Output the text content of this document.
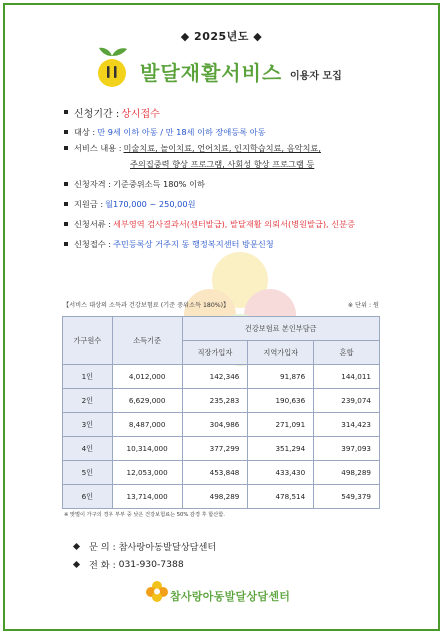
◆ 2025년도 ◆
발달재활서비스 이용자 모집
신청기간 : 상시접수
대상 : 만 9세 이하 아동 / 만 18세 이하 장애등록 아동
서비스 내용 : 미술치료, 놀이치료, 언어치료, 인지학습치료, 음악치료,
주의집중력 향상 프로그램, 사회성 향상 프로그램 등
신청자격 : 기준중위소득 180% 이하
지원금 : 월170,000 ~ 250,00원
신청서류 : 세부영역 검사결과서(센터발급),
발달재활 의뢰서(병원발급),
신분증
신청접수 : 주민등록상 거주지 동 행정복지센터 방문신청
【서비스 대상의 소득과 건강보험료 (기준 중위소득 180%)】	※ 단위 : 원
가구원수	소득기준	건강보험료 본인부담금		
		직장가입자	지역가입자	혼합
1인	4,012,000	142,346	91,876	144,011
2인	6,629,000	235,283	190,636	239,074
3인	8,487,000	304,986	271,091	314,423
4인	10,314,000	377,299	351,294	397,093
5인	12,053,000	453,848	433,430	498,289
6인	13,714,000	498,289	478,514	549,379
※ 맞벌이 가구의 경우 부부 중 낮은 건강보험료는 50% 감경 후 합산함.
문 의 :
참사랑아동발달상담센터
전 화 :
031-930-7388
참사랑아동발달상담센터
